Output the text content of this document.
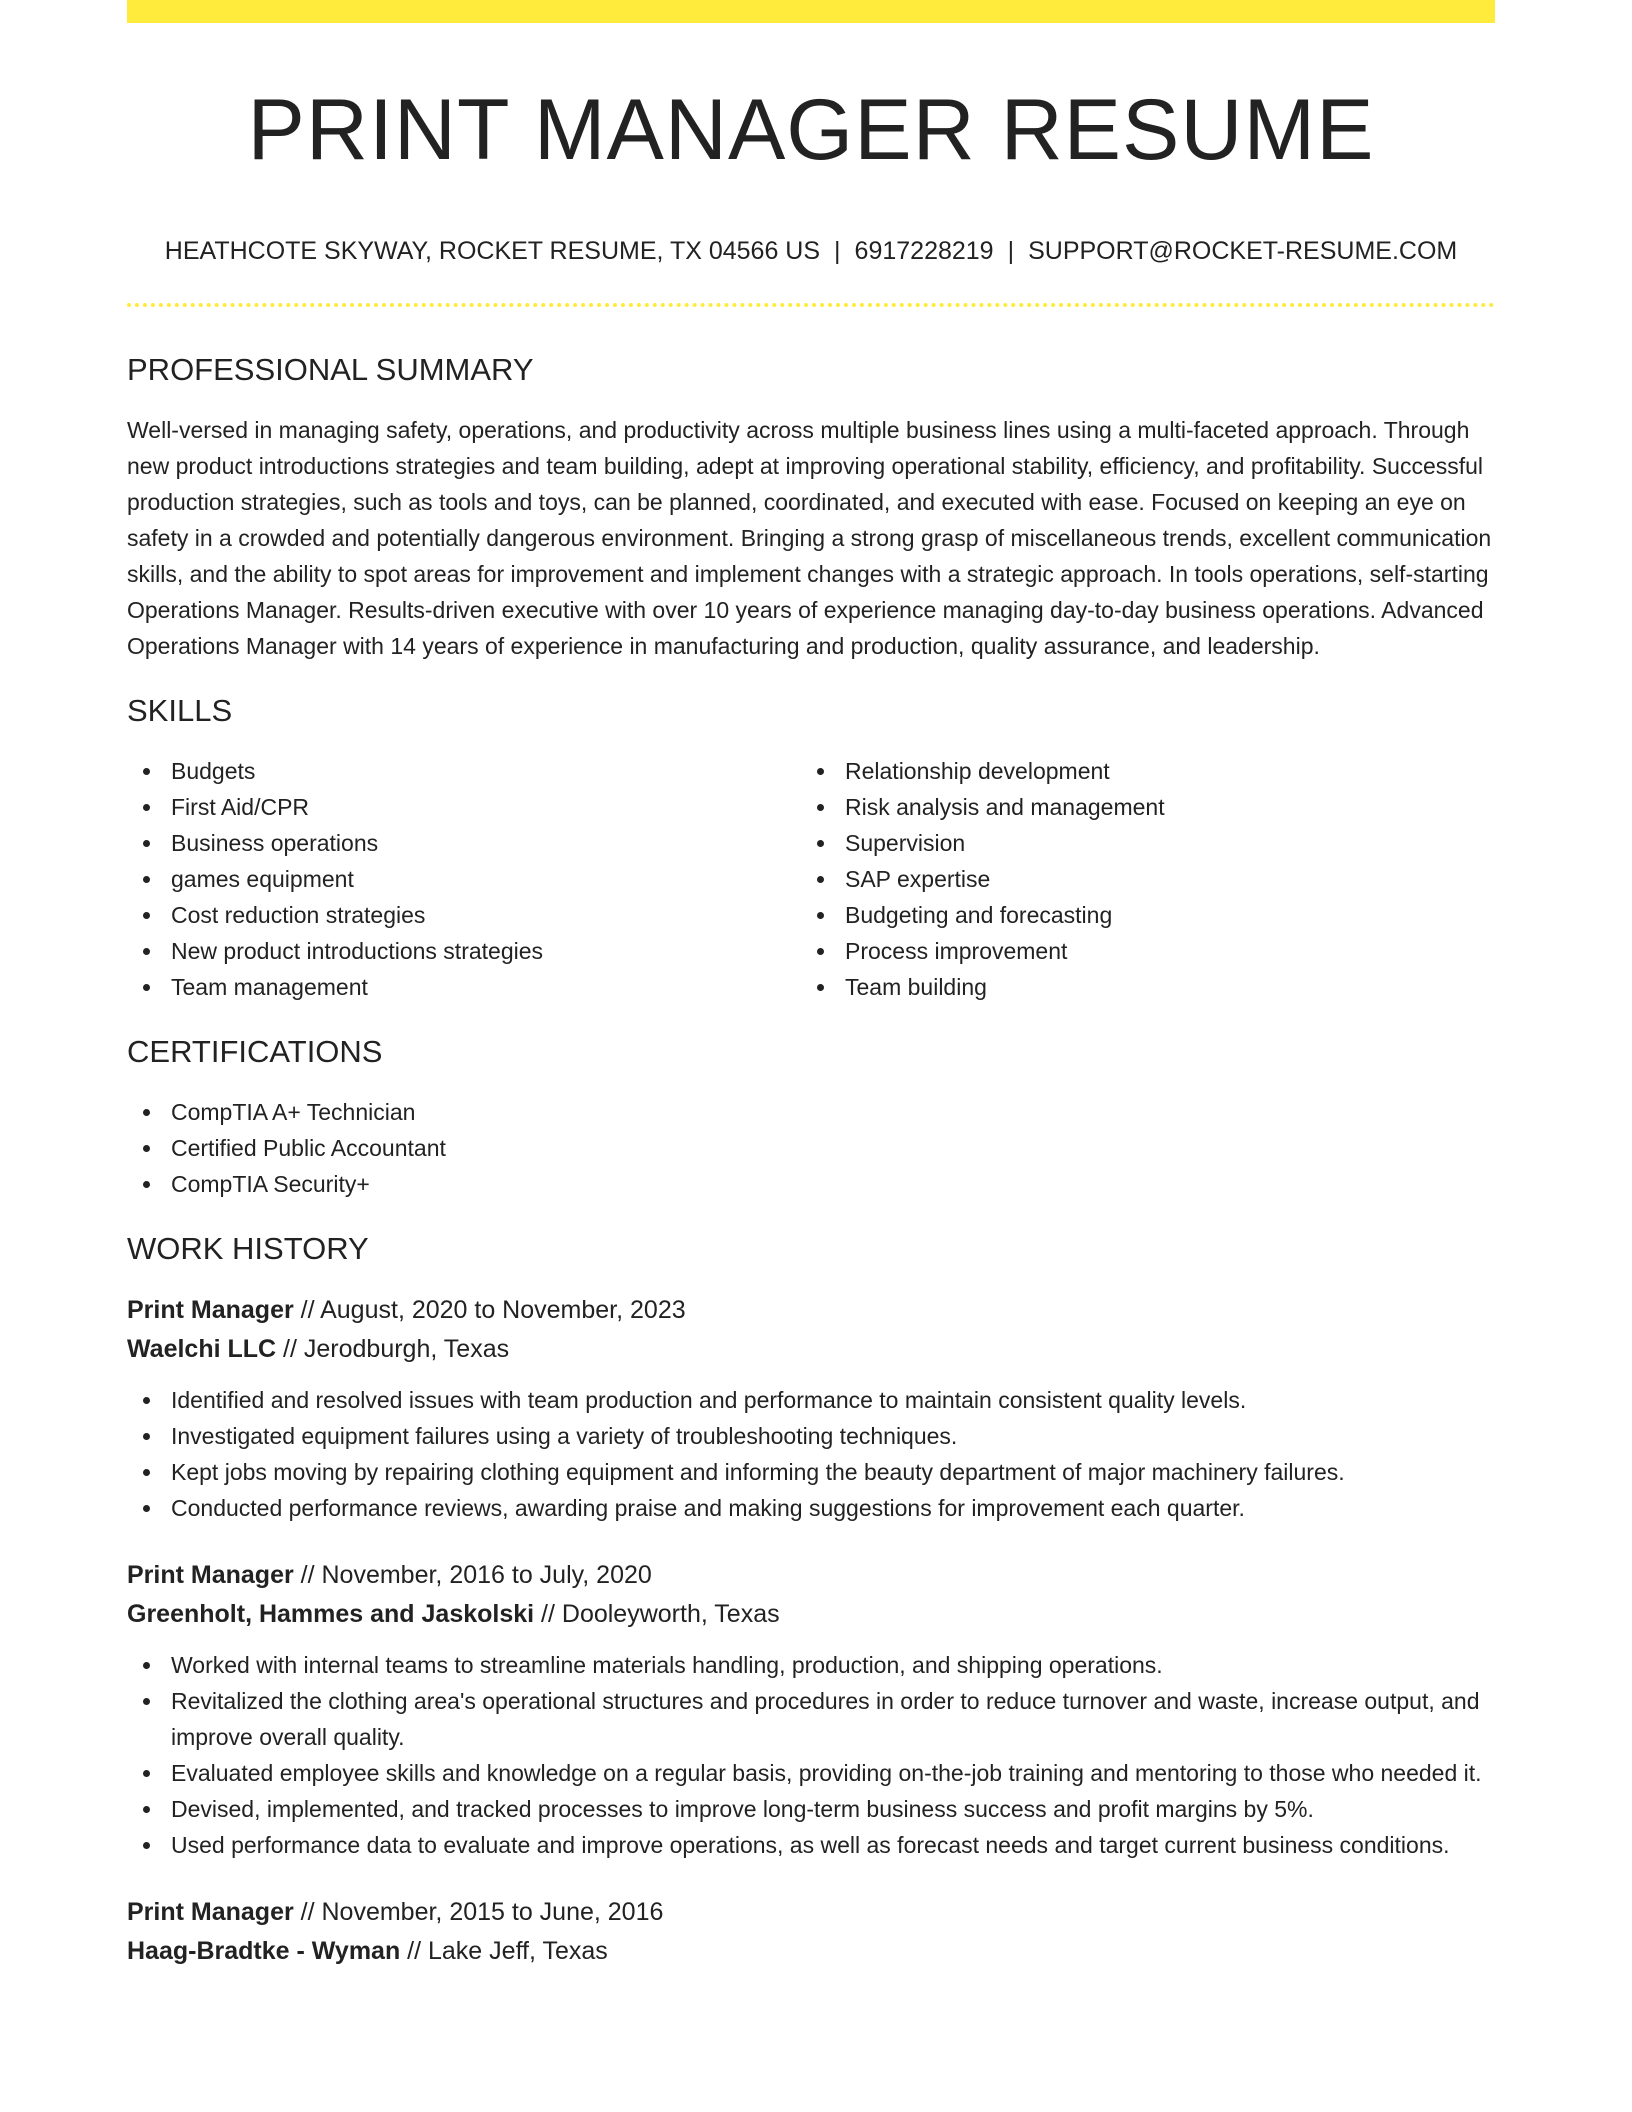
PRINT MANAGER RESUME
HEATHCOTE SKYWAY, ROCKET RESUME, TX 04566 US | 6917228219 | SUPPORT@ROCKET-RESUME.COM
PROFESSIONAL SUMMARY

Well-versed in managing safety, operations, and productivity across multiple business lines using a multi-faceted approach. Through new product introductions strategies and team building, adept at improving operational stability, efficiency, and profitability. Successful production strategies, such as tools and toys, can be planned, coordinated, and executed with ease. Focused on keeping an eye on safety in a crowded and potentially dangerous environment. Bringing a strong grasp of miscellaneous trends, excellent communication skills, and the ability to spot areas for improvement and implement changes with a strategic approach. In tools operations, self-starting Operations Manager. Results-driven executive with over 10 years of experience managing day-to-day business operations. Advanced Operations Manager with 14 years of experience in manufacturing and production, quality assurance, and leadership.

SKILLS
Budgets
First Aid/CPR
Business operations
games equipment
Cost reduction strategies
New product introductions strategies
Team management
Relationship development
Risk analysis and management
Supervision
SAP expertise
Budgeting and forecasting
Process improvement
Team building
CERTIFICATIONS
CompTIA A+ Technician
Certified Public Accountant
CompTIA Security+
WORK HISTORY
Print Manager // August, 2020 to November, 2023
Waelchi LLC // Jerodburgh, Texas
Identified and resolved issues with team production and performance to maintain consistent quality levels.
Investigated equipment failures using a variety of troubleshooting techniques.
Kept jobs moving by repairing clothing equipment and informing the beauty department of major machinery failures.
Conducted performance reviews, awarding praise and making suggestions for improvement each quarter.
Print Manager // November, 2016 to July, 2020
Greenholt, Hammes and Jaskolski // Dooleyworth, Texas
Worked with internal teams to streamline materials handling, production, and shipping operations.
Revitalized the clothing area's operational structures and procedures in order to reduce turnover and waste, increase output, and improve overall quality.
Evaluated employee skills and knowledge on a regular basis, providing on-the-job training and mentoring to those who needed it.
Devised, implemented, and tracked processes to improve long-term business success and profit margins by 5%.
Used performance data to evaluate and improve operations, as well as forecast needs and target current business conditions.
Print Manager // November, 2015 to June, 2016
Haag-Bradtke - Wyman // Lake Jeff, Texas
